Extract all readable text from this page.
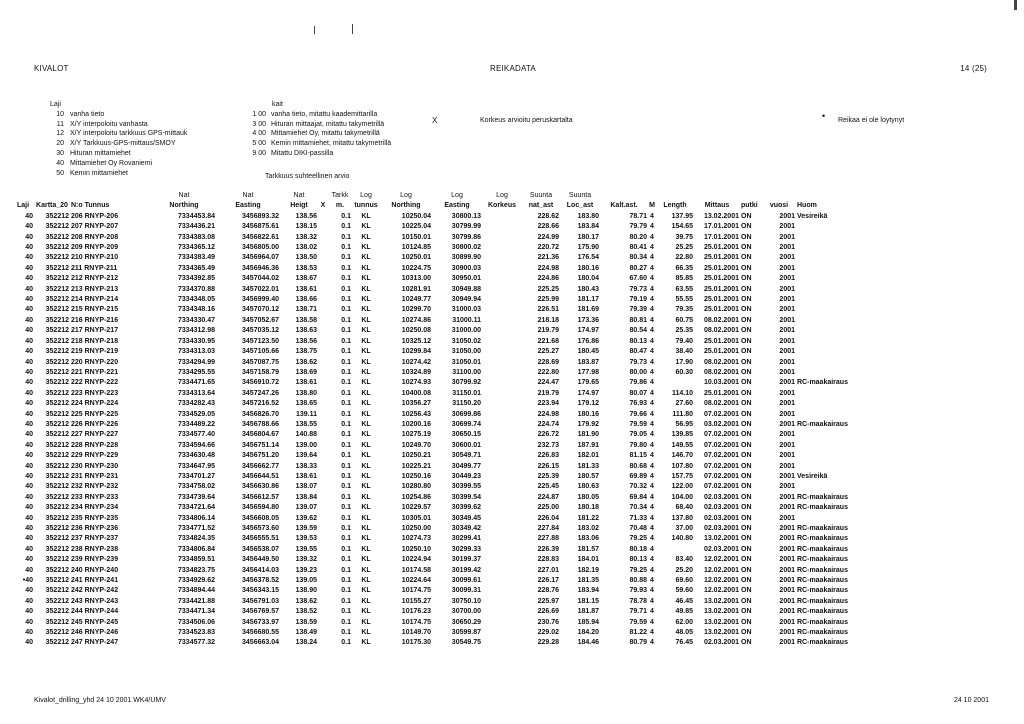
KIVALOT	REIKADATA	14 (25)
Laji
10 vanha tieto
11 X/Y interpoloitu vanhasta
12 X/Y interpoloitu tarkkuus GPS-mittauk
20 X/Y Tarkkuus-GPS-mittaus/SMOY
30 Hituran mittamiehet
40 Mittamiehet Oy Rovaniemi
50 Kemin mittamiehet
kait
1 00 vanha tieto, mitattu kaademittarilla
3 00 Hituran mittaajat, mitattu takymetrillä
4 00 Mittamiehet Oy, mitattu takymetrillä
5 00 Kemin mittamiehet, mitattu takymetrillä
9 00 Mitattu DIKI-passilla
X	Korkeus arvioitu peruskartalta	• Reikaa ei ole loytynyt
Tarkkuus suhteellinen arvio
			Nat	Nat	Nat		Tarkk	Log	Log	Log	Log	Suunta	Suunta							
Laji	Kartta_20	N:o Tunnus	Northing	Easting	Heigt	X	m.	tunnus	Northing	Easting	Korkeus	nat_ast	Loc_ast	Kalt.ast.	M	Length	Mittaus	putki	vuosi	Huom
40	352212	206 RNYP-206	7334453.84	3456893.32	138.56		0.1	KL	10250.04	30800.13		228.62	183.80	78.71	4	137.95	13.02.2001	ON	2001	Vesireikä
40	352212	207 RNYP-207	7334436.21	3456875.61	138.15		0.1	KL	10225.04	30799.99		228.66	183.84	79.79	4	154.65	17.01.2001	ON	2001	
40	352212	208 RNYP-208	7334383.08	3456822.61	138.32		0.1	KL	10150.01	30799.86		224.99	180.17	80.20	4	39.75	17.01.2001	ON	2001	
40	352212	209 RNYP-209	7334365.12	3456805.00	138.02		0.1	KL	10124.85	30800.02		220.72	175.90	80.41	4	25.25	25.01.2001	ON	2001	
40	352212	210 RNYP-210	7334383.49	3456964.07	138.50		0.1	KL	10250.01	30899.90		221.36	176.54	80.34	4	22.80	25.01.2001	ON	2001	
40	352212	211 RNYP-211	7334365.49	3456946.36	138.53		0.1	KL	10224.75	30900.03		224.98	180.16	80.27	4	66.35	25.01.2001	ON	2001	
40	352212	212 RNYP-212	7334392.85	3457044.02	138.67		0.1	KL	10313.00	30950.01		224.86	180.04	67.60	4	85.85	25.01.2001	ON	2001	
40	352212	213 RNYP-213	7334370.88	3457022.01	138.61		0.1	KL	10281.91	30949.88		225.25	180.43	79.73	4	63.55	25.01.2001	ON	2001	
40	352212	214 RNYP-214	7334348.05	3456999.40	138.66		0.1	KL	10249.77	30949.94		225.99	181.17	79.19	4	55.55	25.01.2001	ON	2001	
40	352212	215 RNYP-215	7334348.16	3457070.12	138.71		0.1	KL	10299.70	31000.03		226.51	181.69	79.39	4	79.35	25.01.2001	ON	2001	
40	352212	216 RNYP-216	7334330.47	3457052.67	138.58		0.1	KL	10274.86	31000.11		218.18	173.36	80.81	4	60.75	08.02.2001	ON	2001	
40	352212	217 RNYP-217	7334312.98	3457035.12	138.63		0.1	KL	10250.08	31000.00		219.79	174.97	80.54	4	25.35	08.02.2001	ON	2001	
40	352212	218 RNYP-218	7334330.95	3457123.50	138.56		0.1	KL	10325.12	31050.02		221.68	176.86	80.13	4	79.40	25.01.2001	ON	2001	
40	352212	219 RNYP-219	7334313.03	3457105.66	138.75		0.1	KL	10299.84	31050.00		225.27	180.45	80.47	4	38.40	25.01.2001	ON	2001	
40	352212	220 RNYP-220	7334294.99	3457087.75	138.62		0.1	KL	10274.42	31050.01		228.69	183.87	79.73	4	17.90	08.02.2001	ON	2001	
40	352212	221 RNYP-221	7334295.55	3457158.79	138.69		0.1	KL	10324.89	31100.00		222.80	177.98	80.00	4	60.30	08.02.2001	ON	2001	
40	352212	222 RNYP-222	7334471.65	3456910.72	138.61		0.1	KL	10274.93	30799.92		224.47	179.65	79.86	4		10.03.2001	ON	2001	RC-maakairaus
40	352212	223 RNYP-223	7334313.64	3457247.26	138.80		0.1	KL	10400.08	31150.01		219.79	174.97	80.07	4	114.10	25.01.2001	ON	2001	
40	352212	224 RNYP-224	7334282.43	3457216.52	138.65		0.1	KL	10356.27	31150.20		223.94	179.12	76.93	4	27.60	08.02.2001	ON	2001	
40	352212	225 RNYP-225	7334529.05	3456826.70	139.11		0.1	KL	10256.43	30699.86		224.98	180.16	79.66	4	111.80	07.02.2001	ON	2001	
40	352212	226 RNYP-226	7334489.22	3456788.66	138.55		0.1	KL	10200.16	30699.74		224.74	179.92	79.59	4	56.95	03.02.2001	ON	2001	RC-maakairaus
40	352212	227 RNYP-227	7334577.40	3456804.67	140.88		0.1	KL	10275.19	30650.15		226.72	181.90	79.05	4	139.85	07.02.2001	ON	2001	
40	352212	228 RNYP-228	7334594.66	3456751.14	139.00		0.1	KL	10249.70	30600.01		232.73	187.91	79.80	4	149.55	07.02.2001	ON	2001	
40	352212	229 RNYP-229	7334630.48	3456751.20	139.64		0.1	KL	10250.21	30549.71		226.83	182.01	81.15	4	146.70	07.02.2001	ON	2001	
40	352212	230 RNYP-230	7334647.95	3456662.77	138.33		0.1	KL	10225.21	30499.77		226.15	181.33	80.68	4	107.80	07.02.2001	ON	2001	
40	352212	231 RNYP-231	7334701.27	3456644.51	138.61		0.1	KL	10250.16	30449.23		225.39	180.57	69.89	4	157.75	07.02.2001	ON	2001	Vesireikä
40	352212	232 RNYP-232	7334758.02	3456630.86	138.07		0.1	KL	10280.80	30399.55		225.45	180.63	70.32	4	122.00	07.02.2001	ON	2001	
40	352212	233 RNYP-233	7334739.64	3456612.57	138.84		0.1	KL	10254.86	30399.54		224.87	180.05	69.84	4	104.00	02.03.2001	ON	2001	RC-maakairaus
40	352212	234 RNYP-234	7334721.64	3456594.80	139.07		0.1	KL	10229.57	30399.62		225.00	180.18	70.34	4	68.40	02.03.2001	ON	2001	RC-maakairaus
40	352212	235 RNYP-235	7334806.14	3456608.05	139.62		0.1	KL	10305.01	30349.45		226.04	181.22	71.33	4	137.80	02.03.2001	ON	2001	
40	352212	236 RNYP-236	7334771.52	3456573.60	139.59		0.1	KL	10250.00	30349.42		227.84	183.02	70.48	4	37.00	02.03.2001	ON	2001	RC-maakairaus
40	352212	237 RNYP-237	7334824.35	3456555.51	139.53		0.1	KL	10274.73	30299.41		227.88	183.06	79.25	4	140.80	13.02.2001	ON	2001	RC-maakairaus
40	352212	238 RNYP-238	7334806.84	3456538.07	139.55		0.1	KL	10250.10	30299.33		226.39	181.57	80.18	4		02.03.2001	ON	2001	RC-maakairaus
40	352212	239 RNYP-239	7334859.51	3456449.50	139.32		0.1	KL	10224.94	30199.37		228.83	184.01	80.13	4	83.40	12.02.2001	ON	2001	RC-maakairaus
40	352212	240 RNYP-240	7334823.75	3456414.03	139.23		0.1	KL	10174.58	30199.42		227.01	182.19	79.25	4	25.20	12.02.2001	ON	2001	RC-maakairaus
•40	352212	241 RNYP-241	7334929.62	3456378.52	139.05		0.1	KL	10224.64	30099.61		226.17	181.35	80.88	4	69.60	12.02.2001	ON	2001	RC-maakairaus
40	352212	242 RNYP-242	7334894.44	3456343.15	138.90		0.1	KL	10174.75	30099.31		228.76	183.94	79.93	4	59.60	12.02.2001	ON	2001	RC-maakairaus
40	352212	243 RNYP-243	7334421.88	3456791.03	138.62		0.1	KL	10155.27	30750.10		225.97	181.15	78.78	4	46.45	13.02.2001	ON	2001	RC-maakairaus
40	352212	244 RNYP-244	7334471.34	3456769.57	138.52		0.1	KL	10176.23	30700.00		226.69	181.87	79.71	4	49.85	13.02.2001	ON	2001	RC-maakairaus
40	352212	245 RNYP-245	7334506.06	3456733.97	138.59		0.1	KL	10174.75	30650.29		230.76	185.94	79.59	4	62.00	13.02.2001	ON	2001	RC-maakairaus
40	352212	246 RNYP-246	7334523.83	3456680.55	138.49		0.1	KL	10149.70	30599.87		229.02	184.20	81.22	4	48.05	13.02.2001	ON	2001	RC-maakairaus
40	352212	247 RNYP-247	7334577.32	3456663.04	138.24		0.1	KL	10175.30	30549.75		229.28	184.46	80.79	4	76.45	02.03.2001	ON	2001	RC-maakairaus
Kivalot_drilling_yhd 24 10 2001 WK4/UMV	24 10 2001
